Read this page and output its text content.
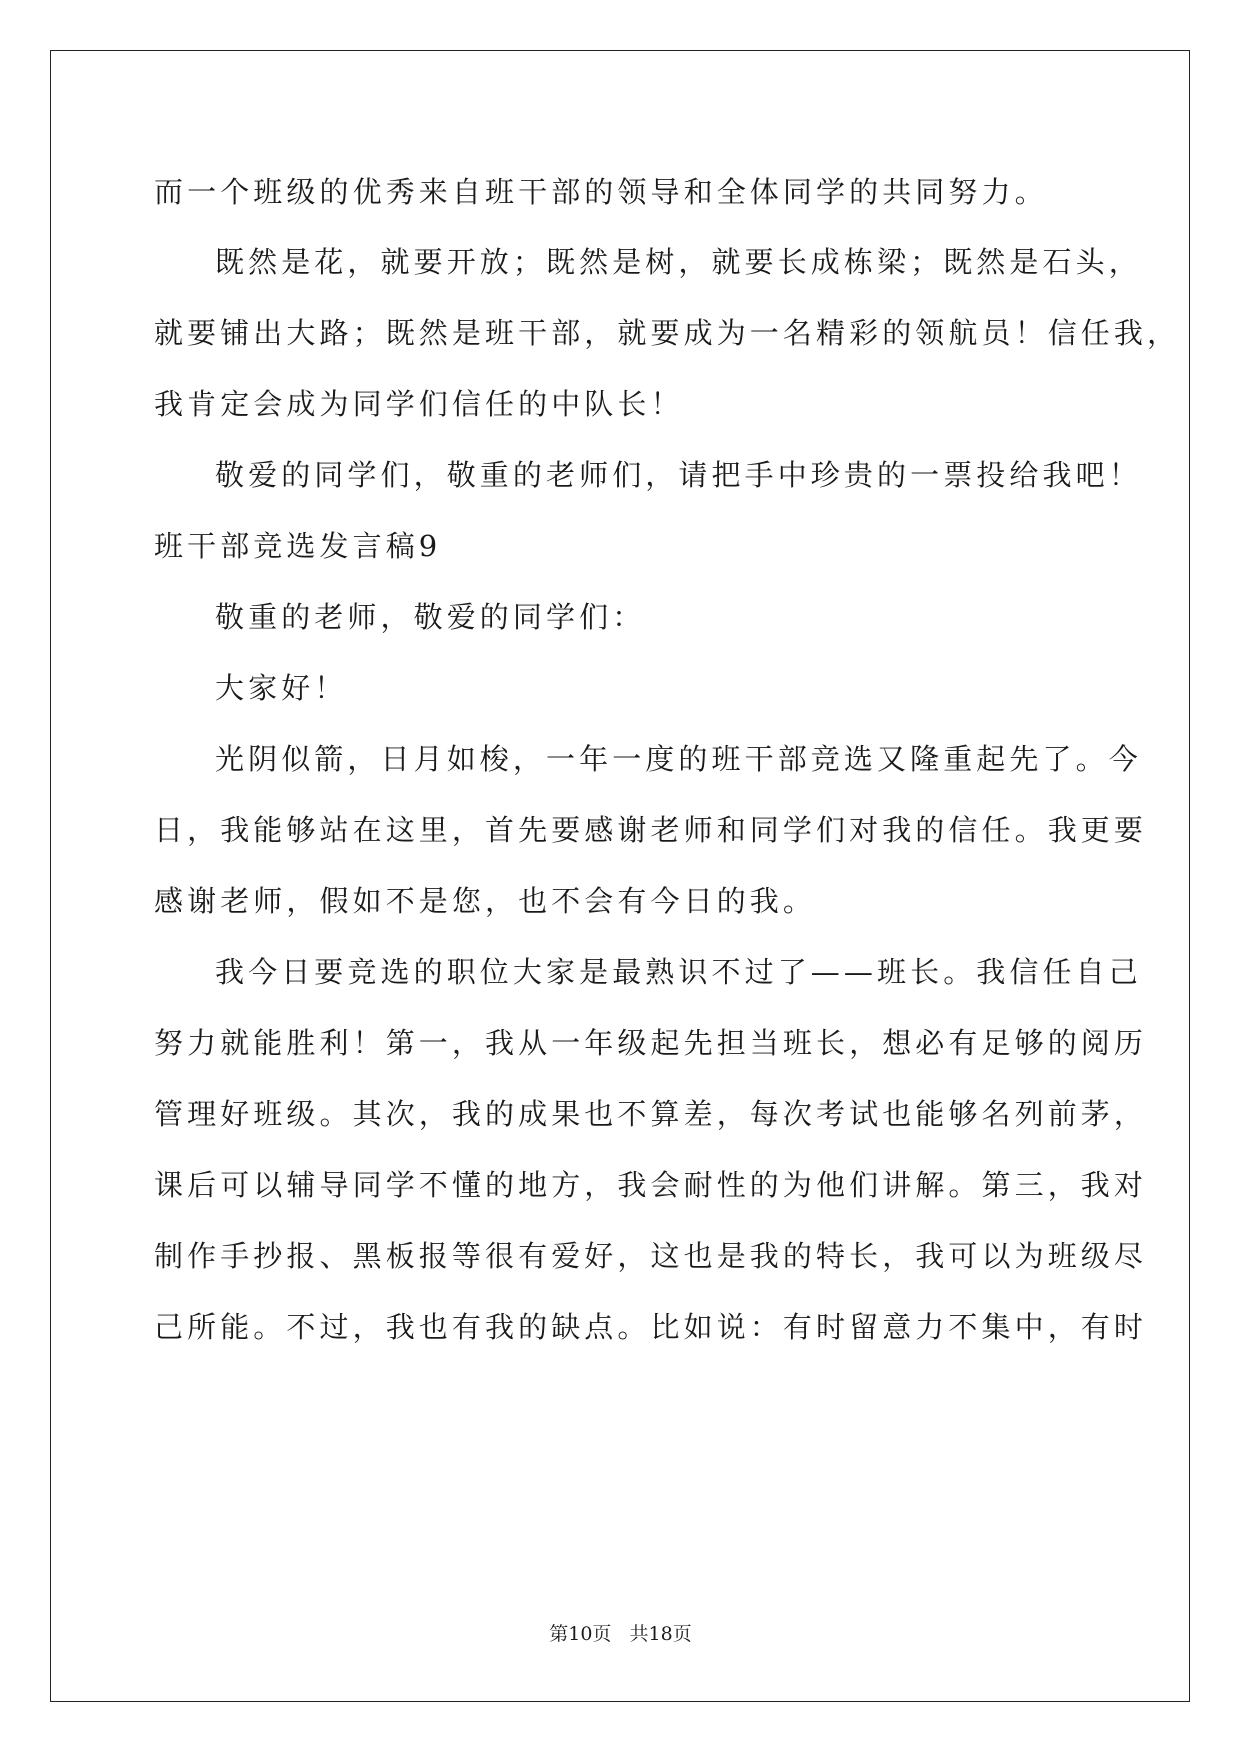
而一个班级的优秀来自班干部的领导和全体同学的共同努力。
既然是花，就要开放；既然是树，就要长成栋梁；既然是石头，
就要铺出大路；既然是班干部，就要成为一名精彩的领航员！信任我，
我肯定会成为同学们信任的中队长！
敬爱的同学们，敬重的老师们，请把手中珍贵的一票投给我吧！
班干部竞选发言稿9
敬重的老师，敬爱的同学们：
大家好！
光阴似箭，日月如梭，一年一度的班干部竞选又隆重起先了。今
日，我能够站在这里，首先要感谢老师和同学们对我的信任。我更要
感谢老师，假如不是您，也不会有今日的我。
我今日要竞选的职位大家是最熟识不过了——班长。我信任自己
努力就能胜利！第一，我从一年级起先担当班长，想必有足够的阅历
管理好班级。其次，我的成果也不算差，每次考试也能够名列前茅，
课后可以辅导同学不懂的地方，我会耐性的为他们讲解。第三，我对
制作手抄报、黑板报等很有爱好，这也是我的特长，我可以为班级尽
己所能。不过，我也有我的缺点。比如说：有时留意力不集中，有时
第10页   共18页
